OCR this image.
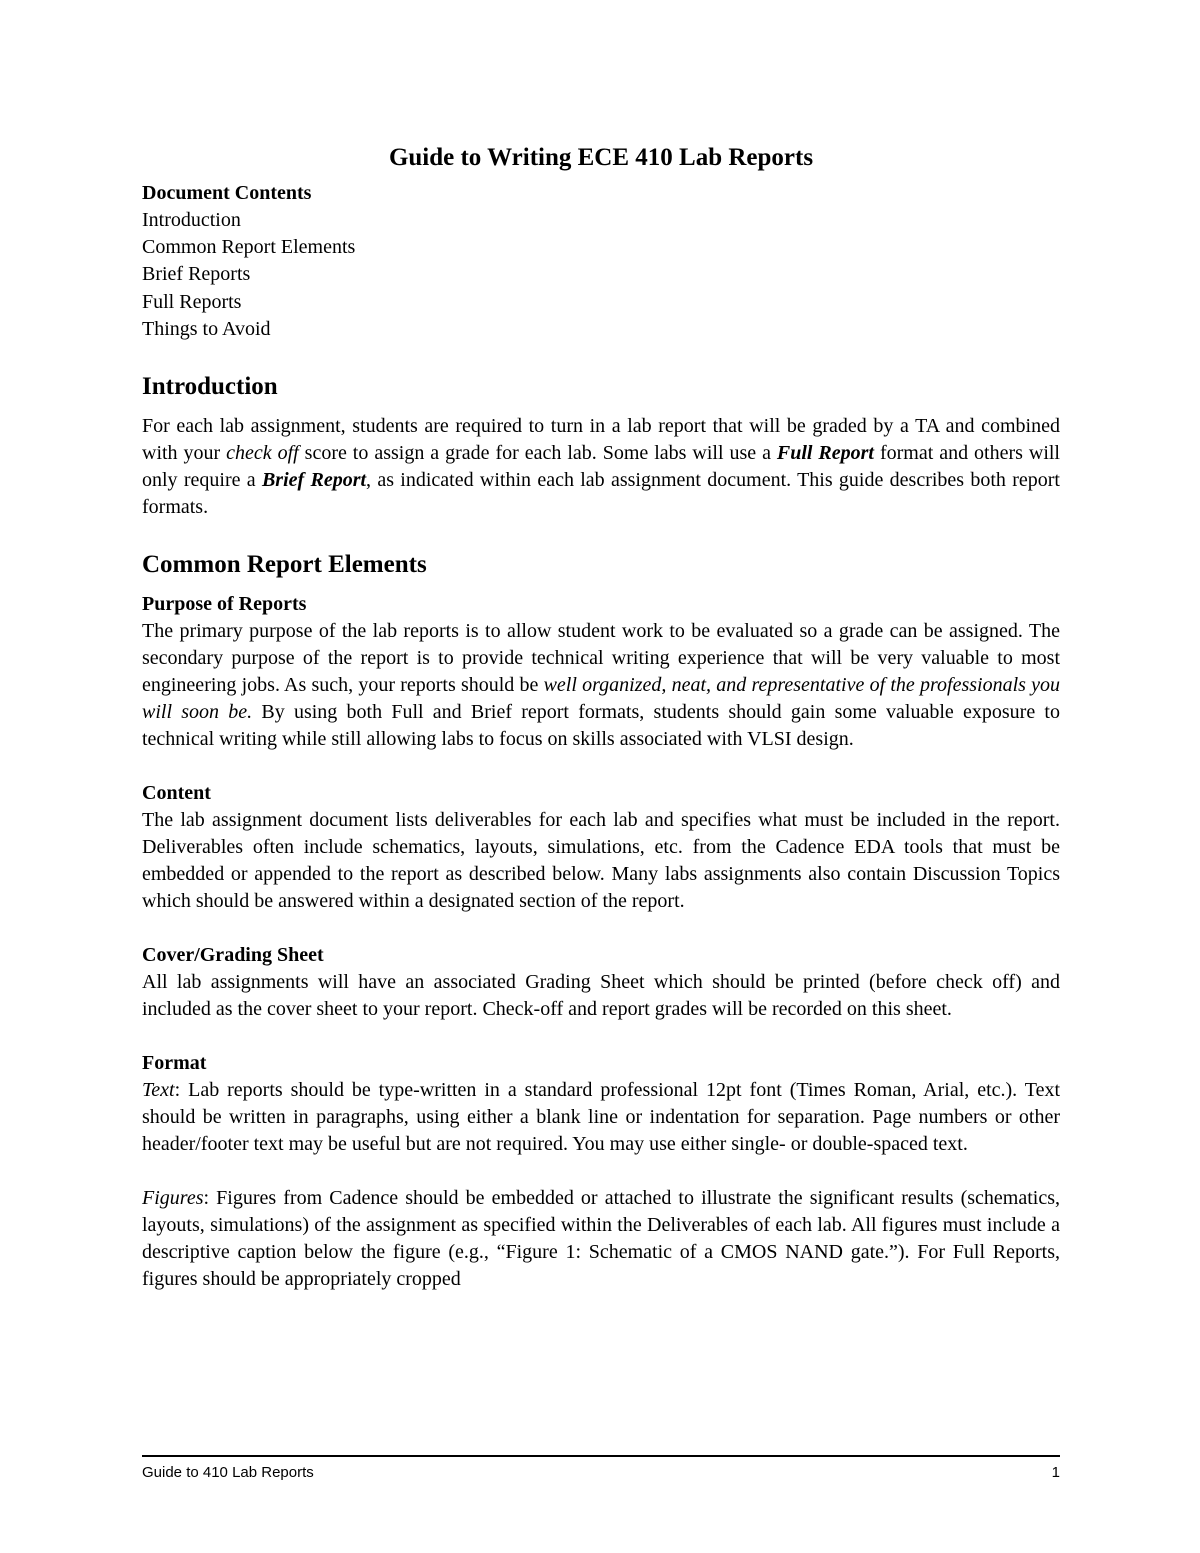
Guide to Writing ECE 410 Lab Reports
Document Contents
Introduction
Common Report Elements
Brief Reports
Full Reports
Things to Avoid
Introduction

For each lab assignment, students are required to turn in a lab report that will be graded by a TA and combined with your check off score to assign a grade for each lab. Some labs will use a Full Report format and others will only require a Brief Report, as indicated within each lab assignment document. This guide describes both report formats.

Common Report Elements
Purpose of Reports

The primary purpose of the lab reports is to allow student work to be evaluated so a grade can be assigned. The secondary purpose of the report is to provide technical writing experience that will be very valuable to most engineering jobs. As such, your reports should be well organized, neat, and representative of the professionals you will soon be. By using both Full and Brief report formats, students should gain some valuable exposure to technical writing while still allowing labs to focus on skills associated with VLSI design.

Content

The lab assignment document lists deliverables for each lab and specifies what must be included in the report. Deliverables often include schematics, layouts, simulations, etc. from the Cadence EDA tools that must be embedded or appended to the report as described below. Many labs assignments also contain Discussion Topics which should be answered within a designated section of the report.

Cover/Grading Sheet

All lab assignments will have an associated Grading Sheet which should be printed (before check off) and included as the cover sheet to your report. Check-off and report grades will be recorded on this sheet.

Format

Text: Lab reports should be type-written in a standard professional 12pt font (Times Roman, Arial, etc.). Text should be written in paragraphs, using either a blank line or indentation for separation. Page numbers or other header/footer text may be useful but are not required. You may use either single- or double-spaced text.

Figures: Figures from Cadence should be embedded or attached to illustrate the significant results (schematics, layouts, simulations) of the assignment as specified within the Deliverables of each lab. All figures must include a descriptive caption below the figure (e.g., “Figure 1: Schematic of a CMOS NAND gate.”). For Full Reports, figures should be appropriately cropped

Guide to 410 Lab Reports	1
